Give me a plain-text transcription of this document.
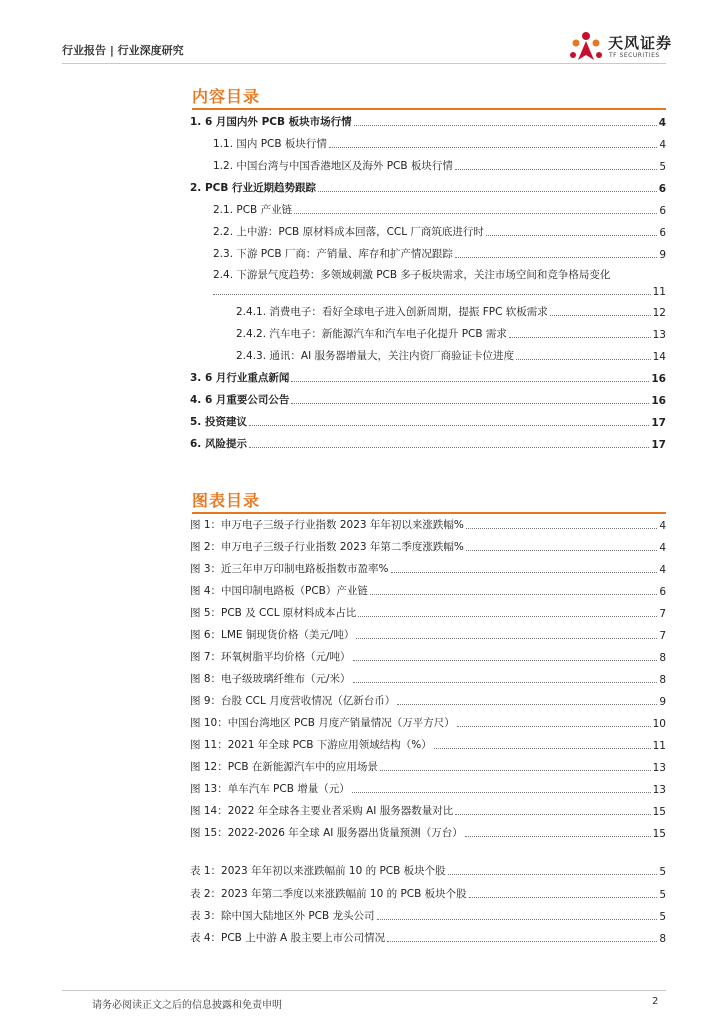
行业报告 | 行业深度研究	天风证券
TF SECURITIES
内容目录
1. 6 月国内外 PCB 板块市场行情	4
1.1. 国内 PCB 板块行情	4
1.2. 中国台湾与中国香港地区及海外 PCB 板块行情	5
2. PCB 行业近期趋势跟踪	6
2.1. PCB 产业链	6
2.2. 上中游：PCB 原材料成本回落，CCL 厂商筑底进行时	6
2.3. 下游 PCB 厂商：产销量、库存和扩产情况跟踪	9
2.4. 下游景气度趋势：多领域刺激 PCB 多子板块需求，关注市场空间和竞争格局变化
11
2.4.1. 消费电子：看好全球电子进入创新周期，提振 FPC 软板需求	12
2.4.2. 汽车电子：新能源汽车和汽车电子化提升 PCB 需求	13
2.4.3. 通讯：AI 服务器增量大，关注内资厂商验证卡位进度	14
3. 6 月行业重点新闻	16
4. 6 月重要公司公告	16
5. 投资建议	17
6. 风险提示	17
图表目录
图 1：申万电子三级子行业指数 2023 年年初以来涨跌幅%	4
图 2：申万电子三级子行业指数 2023 年第二季度涨跌幅%	4
图 3：近三年申万印制电路板指数市盈率%	4
图 4：中国印制电路板（PCB）产业链	6
图 5：PCB 及 CCL 原材料成本占比	7
图 6：LME 铜现货价格（美元/吨）	7
图 7：环氧树脂平均价格（元/吨）	8
图 8：电子级玻璃纤维布（元/米）	8
图 9：台股 CCL 月度营收情况（亿新台币）	9
图 10：中国台湾地区 PCB 月度产销量情况（万平方尺）	10
图 11：2021 年全球 PCB 下游应用领域结构（%）	11
图 12：PCB 在新能源汽车中的应用场景	13
图 13：单车汽车 PCB 增量（元）	13
图 14：2022 年全球各主要业者采购 AI 服务器数量对比	15
图 15：2022-2026 年全球 AI 服务器出货量预测（万台）	15
表 1：2023 年年初以来涨跌幅前 10 的 PCB 板块个股	5
表 2：2023 年第二季度以来涨跌幅前 10 的 PCB 板块个股	5
表 3：除中国大陆地区外 PCB 龙头公司	5
表 4：PCB 上中游 A 股主要上市公司情况	8
请务必阅读正文之后的信息披露和免责申明	2
